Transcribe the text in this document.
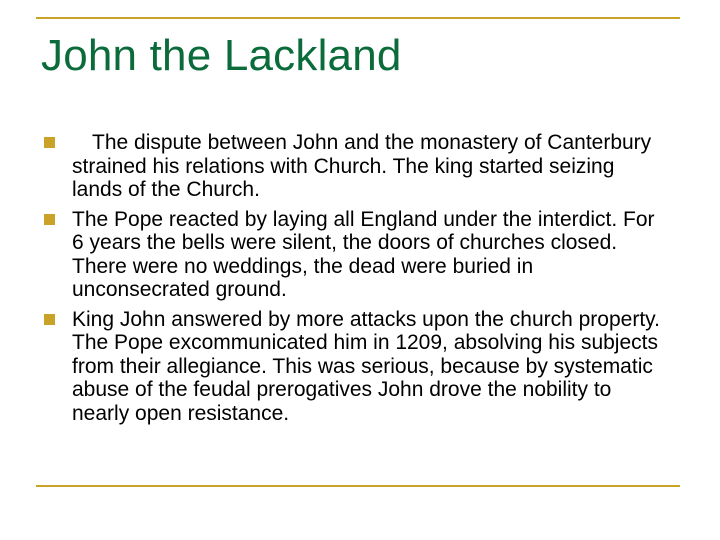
John the Lackland
The dispute between John and the monastery of Canterbury strained his relations with Church. The king started seizing lands of the Church.
The Pope reacted by laying all England under the interdict. For 6 years the bells were silent, the doors of churches closed. There were no weddings, the dead were buried in unconsecrated ground.
King John answered by more attacks upon the church property. The Pope excommunicated him in 1209, absolving his subjects from their allegiance. This was serious, because by systematic abuse of the feudal prerogatives John drove the nobility to nearly open resistance.
